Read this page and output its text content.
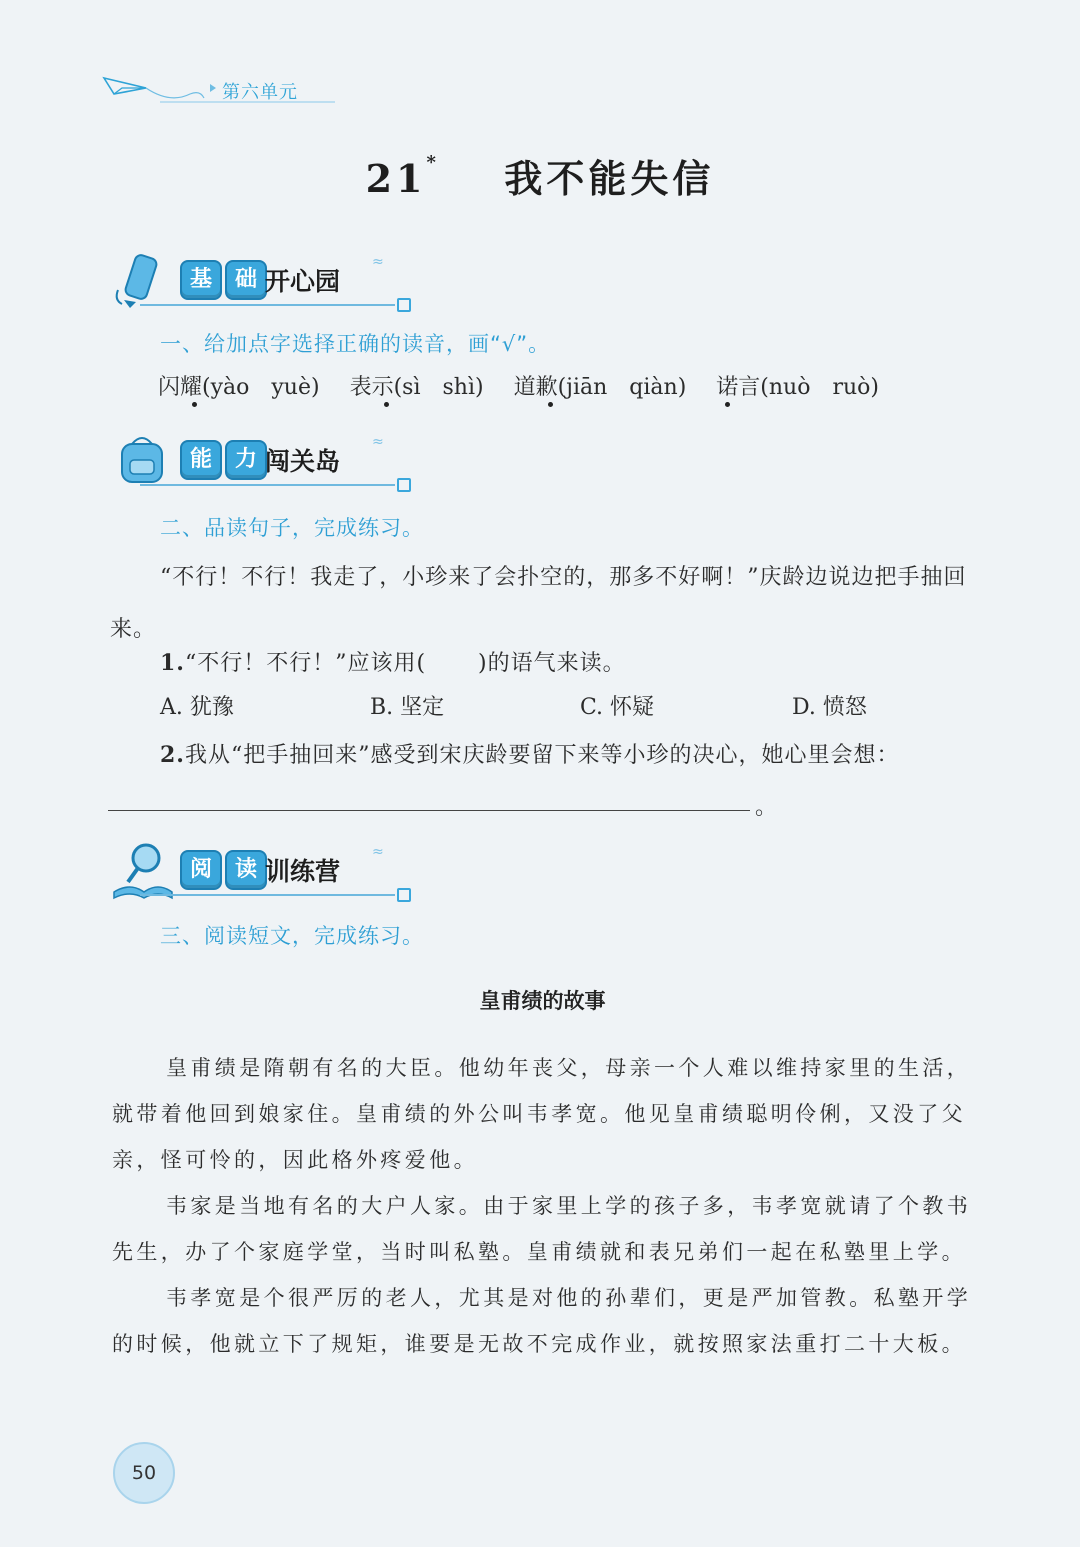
第六单元
21* 我不能失信
基	础 开心园
≈
一、给加点字选择正确的读音，画“√”。
闪耀(yào　yuè) 表示(sì　shì) 道歉(jiān　qiàn) 诺言(nuò　ruò)
能	力 闯关岛
≈
二、品读句子，完成练习。
“不行！不行！我走了，小珍来了会扑空的，那多不好啊！”庆龄边说边把手抽回来。
1.“不行！不行！”应该用( )的语气来读。
A. 犹豫	B. 坚定	C. 怀疑	D. 愤怒
2.我从“把手抽回来”感受到宋庆龄要留下来等小珍的决心，她心里会想：
。
阅	读 训练营
≈
三、阅读短文，完成练习。
皇甫绩的故事
皇甫绩是隋朝有名的大臣。他幼年丧父，母亲一个人难以维持家里的生活，就带着他回到娘家住。皇甫绩的外公叫韦孝宽。他见皇甫绩聪明伶俐，又没了父亲，怪可怜的，因此格外疼爱他。
韦家是当地有名的大户人家。由于家里上学的孩子多，韦孝宽就请了个教书先生，办了个家庭学堂，当时叫私塾。皇甫绩就和表兄弟们一起在私塾里上学。
韦孝宽是个很严厉的老人，尤其是对他的孙辈们，更是严加管教。私塾开学的时候，他就立下了规矩，谁要是无故不完成作业，就按照家法重打二十大板。
50
